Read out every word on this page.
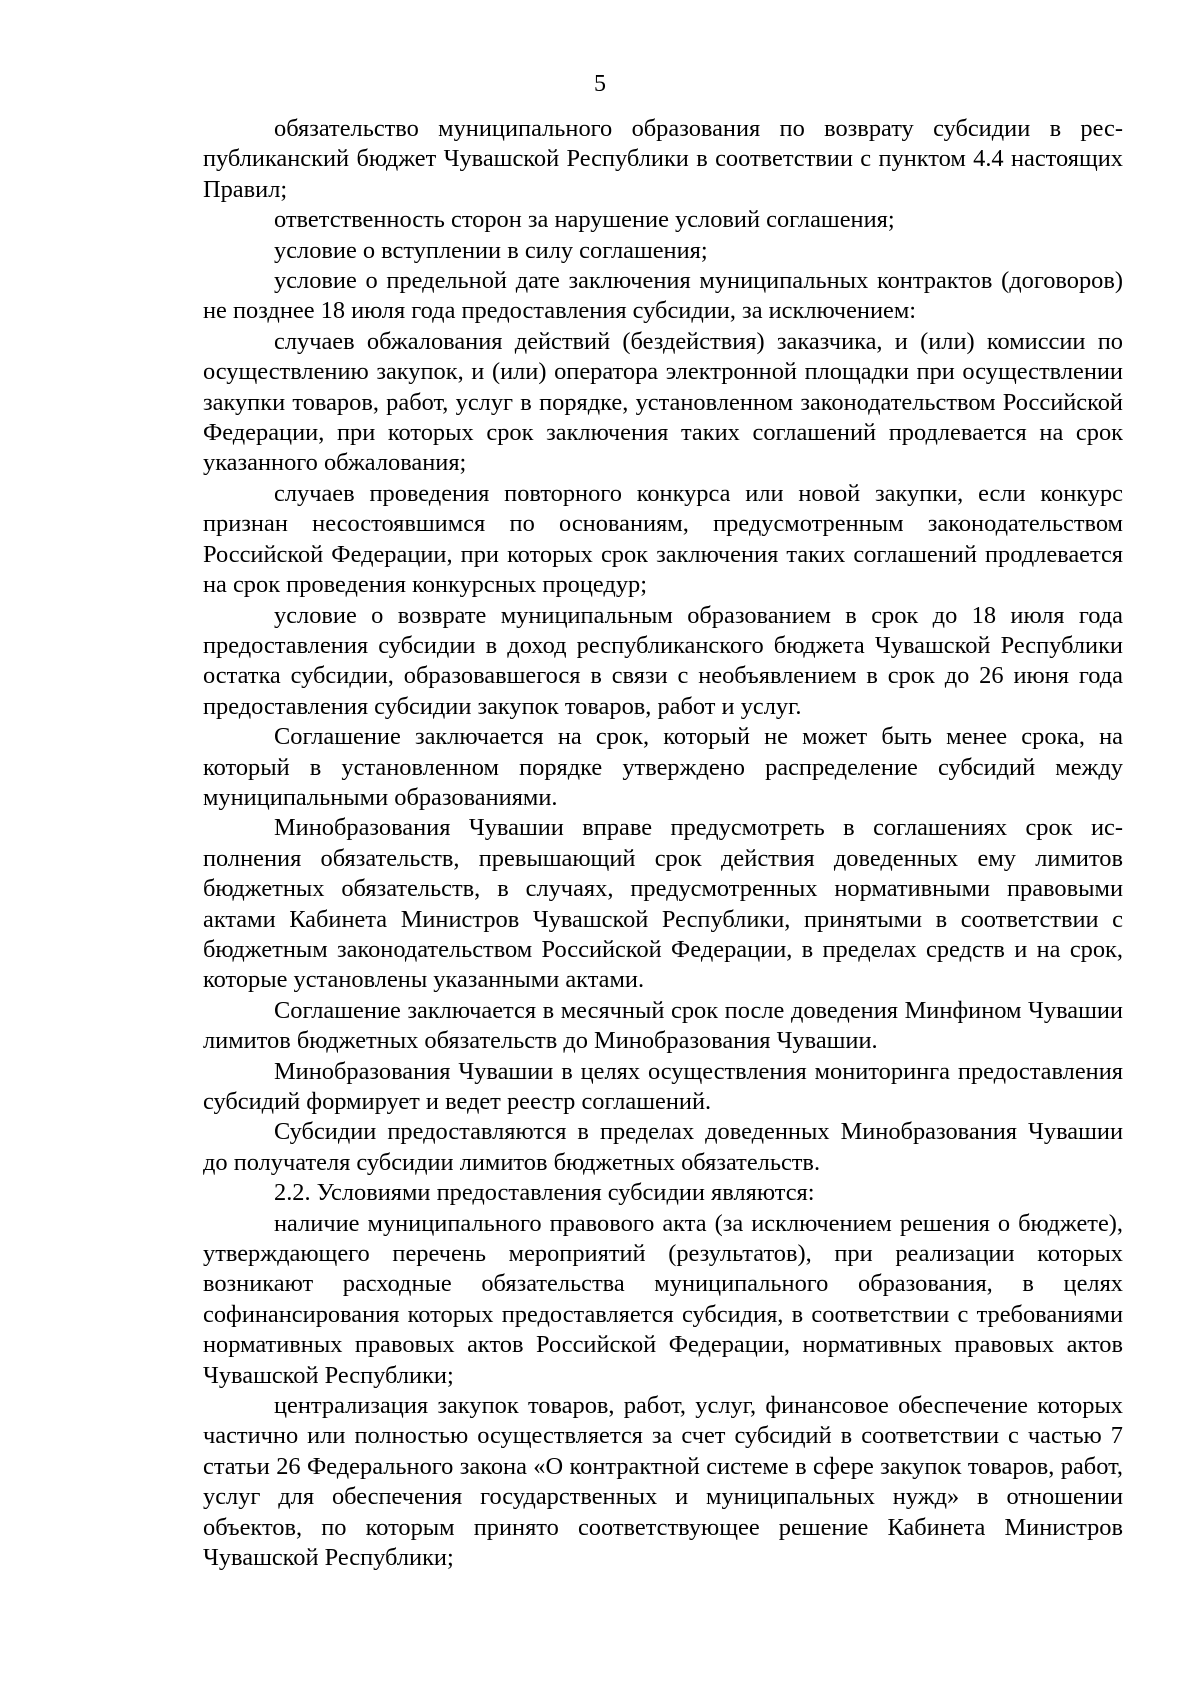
5

обязательство муниципального образования по возврату субсидии в республиканский бюджет Чувашской Республики в соответствии с пунктом 4.4 настоящих Правил;

ответственность сторон за нарушение условий соглашения;

условие о вступлении в силу соглашения;

условие о предельной дате заключения муниципальных контрактов (договоров) не позднее 18 июля года предоставления субсидии, за исключением:

случаев обжалования действий (бездействия) заказчика, и (или) комиссии по осуществлению закупок, и (или) оператора электронной площадки при осуществлении закупки товаров, работ, услуг в порядке, установленном законодательством Российской Федерации, при которых срок заключения таких соглашений продлевается на срок указанного обжалования;

случаев проведения повторного конкурса или новой закупки, если конкурс признан несостоявшимся по основаниям, предусмотренным законодательством Российской Федерации, при которых срок заключения таких соглашений продлевается на срок проведения конкурсных процедур;

условие о возврате муниципальным образованием в срок до 18 июля года предоставления субсидии в доход республиканского бюджета Чувашской Республики остатка субсидии, образовавшегося в связи с необъявлением в срок до 26 июня года предоставления субсидии закупок товаров, работ и услуг.

Соглашение заключается на срок, который не может быть менее срока, на который в установленном порядке утверждено распределение субсидий между муниципальными образованиями.

Минобразования Чувашии вправе предусмотреть в соглашениях срок исполнения обязательств, превышающий срок действия доведенных ему лимитов бюджетных обязательств, в случаях, предусмотренных нормативными правовыми актами Кабинета Министров Чувашской Республики, принятыми в соответствии с бюджетным законодательством Российской Федерации, в пределах средств и на срок, которые установлены указанными актами.

Соглашение заключается в месячный срок после доведения Минфином Чувашии лимитов бюджетных обязательств до Минобразования Чувашии.

Минобразования Чувашии в целях осуществления мониторинга предоставления субсидий формирует и ведет реестр соглашений.

Субсидии предоставляются в пределах доведенных Минобразования Чувашии до получателя субсидии лимитов бюджетных обязательств.

2.2. Условиями предоставления субсидии являются:

наличие муниципального правового акта (за исключением решения о бюджете), утверждающего перечень мероприятий (результатов), при реализации которых возникают расходные обязательства муниципального образования, в целях софинансирования которых предоставляется субсидия, в соответствии с требованиями нормативных правовых актов Российской Федерации, нормативных правовых актов Чувашской Республики;

централизация закупок товаров, работ, услуг, финансовое обеспечение которых частично или полностью осуществляется за счет субсидий в соответствии с частью 7 статьи 26 Федерального закона «О контрактной системе в сфере закупок товаров, работ, услуг для обеспечения государственных и муниципальных нужд» в отношении объектов, по которым принято соответствующее решение Кабинета Министров Чувашской Республики;
